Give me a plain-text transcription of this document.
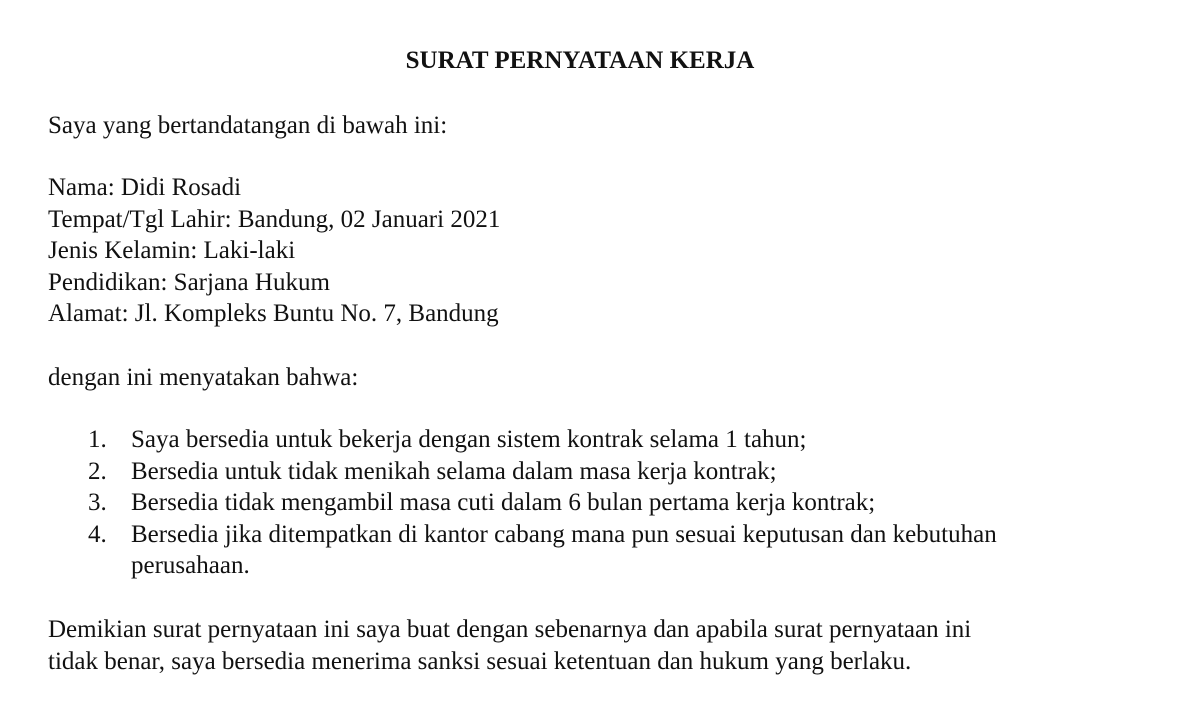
SURAT PERNYATAAN KERJA

Saya yang bertandatangan di bawah ini:

Nama: Didi Rosadi
Tempat/Tgl Lahir: Bandung, 02 Januari 2021
Jenis Kelamin: Laki-laki
Pendidikan: Sarjana Hukum
Alamat: Jl. Kompleks Buntu No. 7, Bandung

dengan ini menyatakan bahwa:

1. Saya bersedia untuk bekerja dengan sistem kontrak selama 1 tahun;
2. Bersedia untuk tidak menikah selama dalam masa kerja kontrak;
3. Bersedia tidak mengambil masa cuti dalam 6 bulan pertama kerja kontrak;
4. Bersedia jika ditempatkan di kantor cabang mana pun sesuai keputusan dan kebutuhan perusahaan.
Demikian surat pernyataan ini saya buat dengan sebenarnya dan apabila surat pernyataan ini
tidak benar, saya bersedia menerima sanksi sesuai ketentuan dan hukum yang berlaku.
